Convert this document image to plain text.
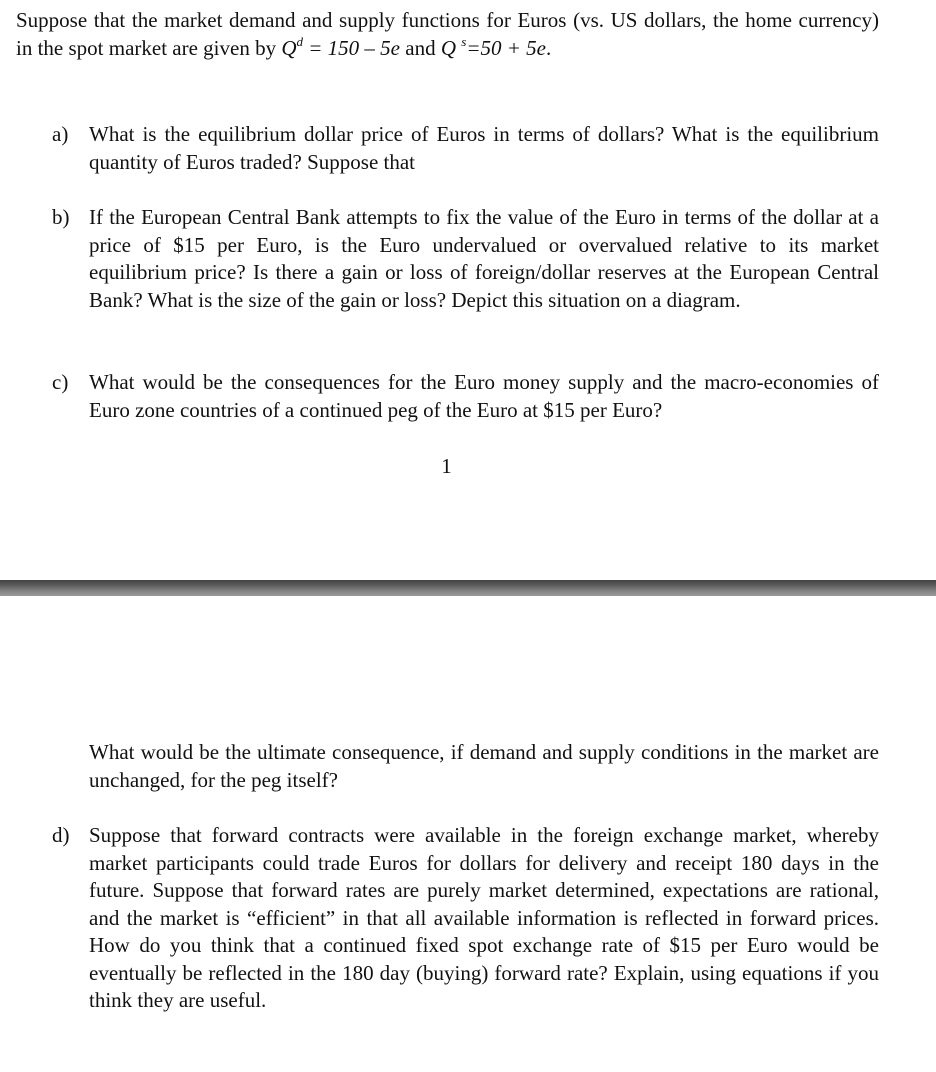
Suppose that the market demand and supply functions for Euros (vs. US dollars, the home currency) in the spot market are given by $Q^d = 150 - 5e$ and Q $^s$=50 + 5e.

a) What is the equilibrium dollar price of Euros in terms of dollars? What is the equilibrium quantity of Euros traded? Suppose that

b) If the European Central Bank attempts to fix the value of the Euro in terms of the dollar at a price of $15 per Euro, is the Euro undervalued or overvalued relative to its market equilibrium price? Is there a gain or loss of foreign/dollar reserves at the European Central Bank? What is the size of the gain or loss? Depict this situation on a diagram.

c) What would be the consequences for the Euro money supply and the macro-economies of Euro zone countries of a continued peg of the Euro at $15 per Euro?

1

What would be the ultimate consequence, if demand and supply conditions in the market are unchanged, for the peg itself?

d) Suppose that forward contracts were available in the foreign exchange market, whereby market participants could trade Euros for dollars for delivery and receipt 180 days in the future. Suppose that forward rates are purely market determined, expectations are rational, and the market is “efficient” in that all available information is reflected in forward prices. How do you think that a continued fixed spot exchange rate of $15 per Euro would be eventually be reflected in the 180 day (buying) forward rate? Explain, using equations if you think they are useful.
